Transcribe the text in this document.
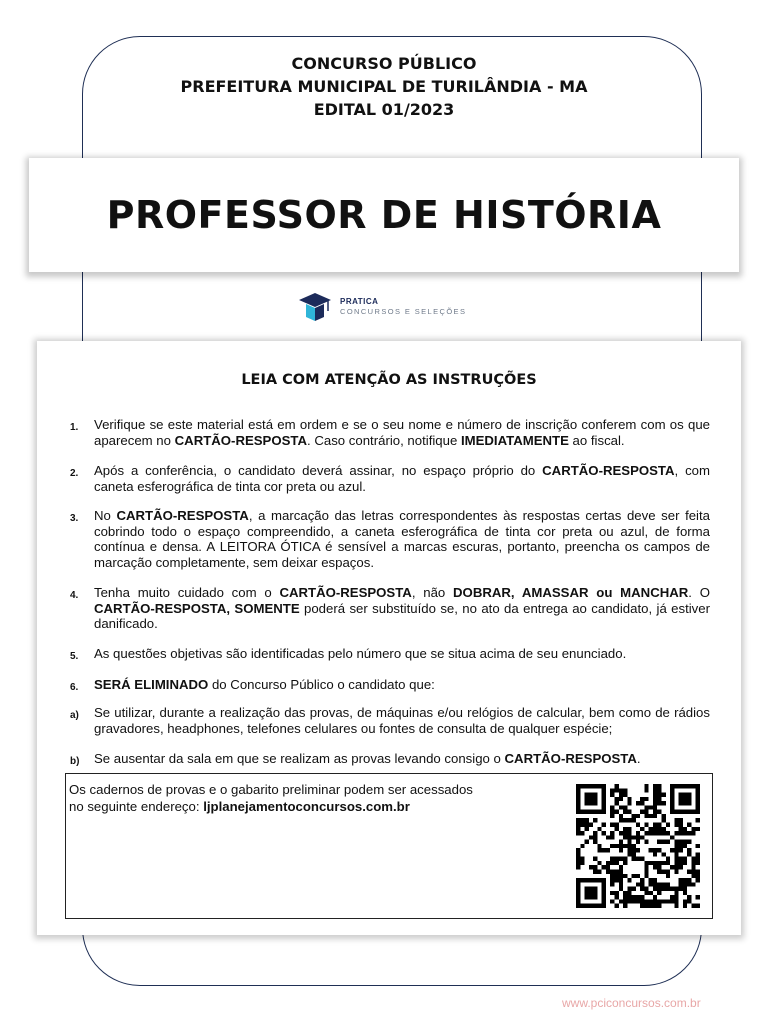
CONCURSO PÚBLICO
PREFEITURA MUNICIPAL DE TURILÂNDIA - MA
EDITAL 01/2023
PROFESSOR DE HISTÓRIA
PRATICA
CONCURSOS E SELEÇÕES
LEIA COM ATENÇÃO AS INSTRUÇÕES
1.	Verifique se este material está em ordem e se o seu nome e número de inscrição conferem com os que aparecem no CARTÃO-RESPOSTA. Caso contrário, notifique IMEDIATAMENTE ao fiscal.
2.	Após a conferência, o candidato deverá assinar, no espaço próprio do CARTÃO-RESPOSTA, com caneta esferográfica de tinta cor preta ou azul.
3.	No CARTÃO-RESPOSTA, a marcação das letras correspondentes às respostas certas deve ser feita cobrindo todo o espaço compreendido, a caneta esferográfica de tinta cor preta ou azul, de forma contínua e densa. A LEITORA ÓTICA é sensível a marcas escuras, portanto, preencha os campos de marcação completamente, sem deixar espaços.
4.	Tenha muito cuidado com o CARTÃO-RESPOSTA, não DOBRAR, AMASSAR ou MANCHAR. O CARTÃO-RESPOSTA, SOMENTE poderá ser substituído se, no ato da entrega ao candidato, já estiver danificado.
5.	As questões objetivas são identificadas pelo número que se situa acima de seu enunciado.
6.	SERÁ ELIMINADO do Concurso Público o candidato que:
a)	Se utilizar, durante a realização das provas, de máquinas e/ou relógios de calcular, bem como de rádios gravadores, headphones, telefones celulares ou fontes de consulta de qualquer espécie;
b)	Se ausentar da sala em que se realizam as provas levando consigo o CARTÃO-RESPOSTA.
Os cadernos de provas e o gabarito preliminar podem ser acessados
no seguinte endereço: ljplanejamentoconcursos.com.br
www.pciconcursos.com.br
